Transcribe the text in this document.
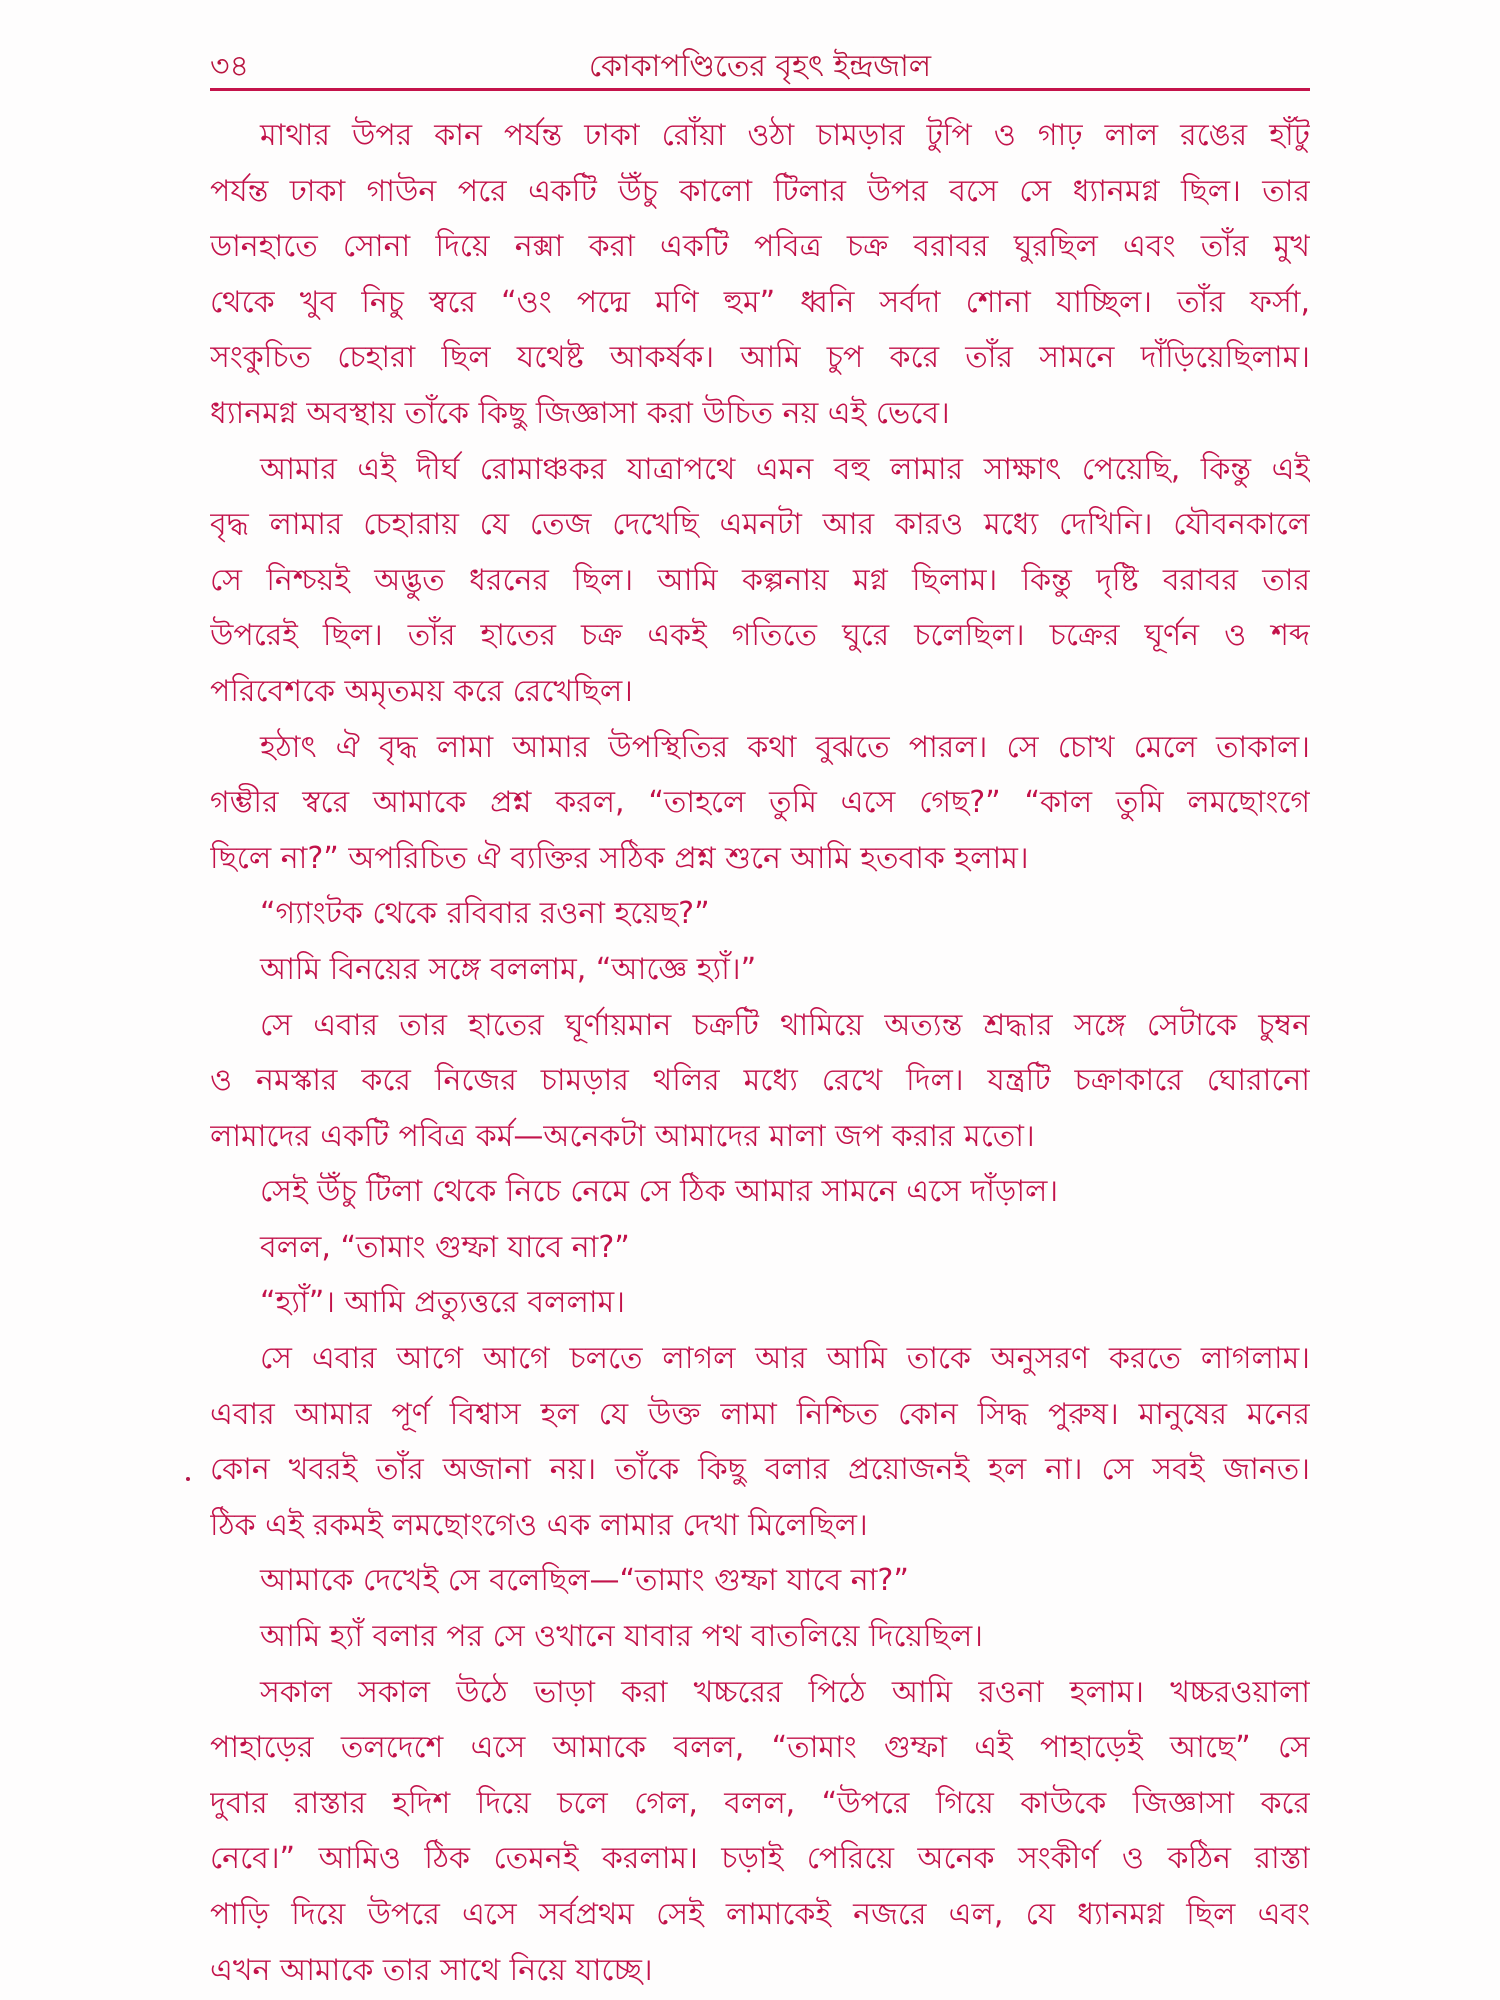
৩৪	কোকাপণ্ডিতের বৃহৎ ইন্দ্রজাল
মাথার উপর কান পর্যন্ত ঢাকা রোঁয়া ওঠা চামড়ার টুপি ও গাঢ় লাল রঙের হাঁটু
পর্যন্ত ঢাকা গাউন পরে একটি উঁচু কালো টিলার উপর বসে সে ধ্যানমগ্ন ছিল। তার
ডানহাতে সোনা দিয়ে নক্সা করা একটি পবিত্র চক্র বরাবর ঘুরছিল এবং তাঁর মুখ
থেকে খুব নিচু স্বরে “ওং পদ্মে মণি হুম” ধ্বনি সর্বদা শোনা যাচ্ছিল। তাঁর ফর্সা,
সংকুচিত চেহারা ছিল যথেষ্ট আকর্ষক। আমি চুপ করে তাঁর সামনে দাঁড়িয়েছিলাম।
ধ্যানমগ্ন অবস্থায় তাঁকে কিছু জিজ্ঞাসা করা উচিত নয় এই ভেবে।
আমার এই দীর্ঘ রোমাঞ্চকর যাত্রাপথে এমন বহু লামার সাক্ষাৎ পেয়েছি, কিন্তু এই
বৃদ্ধ লামার চেহারায় যে তেজ দেখেছি এমনটা আর কারও মধ্যে দেখিনি। যৌবনকালে
সে নিশ্চয়ই অদ্ভুত ধরনের ছিল। আমি কল্পনায় মগ্ন ছিলাম। কিন্তু দৃষ্টি বরাবর তার
উপরেই ছিল। তাঁর হাতের চক্র একই গতিতে ঘুরে চলেছিল। চক্রের ঘূর্ণন ও শব্দ
পরিবেশকে অমৃতময় করে রেখেছিল।
হঠাৎ ঐ বৃদ্ধ লামা আমার উপস্থিতির কথা বুঝতে পারল। সে চোখ মেলে তাকাল।
গম্ভীর স্বরে আমাকে প্রশ্ন করল, “তাহলে তুমি এসে গেছ?” “কাল তুমি লমছোংগে
ছিলে না?” অপরিচিত ঐ ব্যক্তির সঠিক প্রশ্ন শুনে আমি হতবাক হলাম।
“গ্যাংটক থেকে রবিবার রওনা হয়েছ?”
আমি বিনয়ের সঙ্গে বললাম, “আজ্ঞে হ্যাঁ।”
সে এবার তার হাতের ঘূর্ণায়মান চক্রটি থামিয়ে অত্যন্ত শ্রদ্ধার সঙ্গে সেটাকে চুম্বন
ও নমস্কার করে নিজের চামড়ার থলির মধ্যে রেখে দিল। যন্ত্রটি চক্রাকারে ঘোরানো
লামাদের একটি পবিত্র কর্ম—অনেকটা আমাদের মালা জপ করার মতো।
সেই উঁচু টিলা থেকে নিচে নেমে সে ঠিক আমার সামনে এসে দাঁড়াল।
বলল, “তামাং গুম্ফা যাবে না?”
“হ্যাঁ”। আমি প্রত্যুত্তরে বললাম।
সে এবার আগে আগে চলতে লাগল আর আমি তাকে অনুসরণ করতে লাগলাম।
এবার আমার পূর্ণ বিশ্বাস হল যে উক্ত লামা নিশ্চিত কোন সিদ্ধ পুরুষ। মানুষের মনের
কোন খবরই তাঁর অজানা নয়। তাঁকে কিছু বলার প্রয়োজনই হল না। সে সবই জানত।
ঠিক এই রকমই লমছোংগেও এক লামার দেখা মিলেছিল।
আমাকে দেখেই সে বলেছিল—“তামাং গুম্ফা যাবে না?”
আমি হ্যাঁ বলার পর সে ওখানে যাবার পথ বাতলিয়ে দিয়েছিল।
সকাল সকাল উঠে ভাড়া করা খচ্চরের পিঠে আমি রওনা হলাম। খচ্চরওয়ালা
পাহাড়ের তলদেশে এসে আমাকে বলল, “তামাং গুম্ফা এই পাহাড়েই আছে” সে
দুবার রাস্তার হদিশ দিয়ে চলে গেল, বলল, “উপরে গিয়ে কাউকে জিজ্ঞাসা করে
নেবে।” আমিও ঠিক তেমনই করলাম। চড়াই পেরিয়ে অনেক সংকীর্ণ ও কঠিন রাস্তা
পাড়ি দিয়ে উপরে এসে সর্বপ্রথম সেই লামাকেই নজরে এল, যে ধ্যানমগ্ন ছিল এবং
এখন আমাকে তার সাথে নিয়ে যাচ্ছে।
